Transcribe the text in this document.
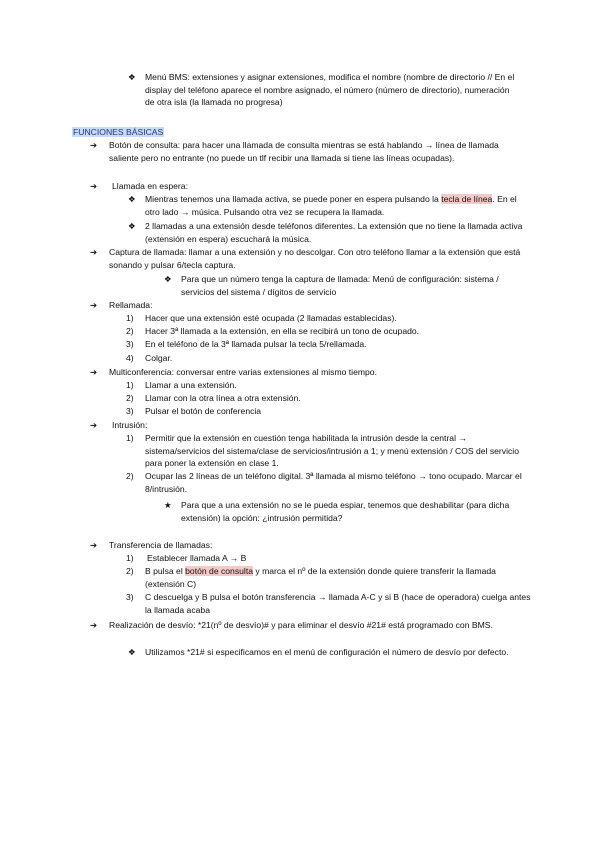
❖ Menú BMS: extensiones y asignar extensiones, modifica el nombre (nombre de directorio // En el display del teléfono aparece el nombre asignado, el número (número de directorio), numeración de otra isla (la llamada no progresa)
FUNCIONES BÁSICAS
➔ Botón de consulta: para hacer una llamada de consulta mientras se está hablando → línea de llamada saliente pero no entrante (no puede un tlf recibir una llamada si tiene las líneas ocupadas).
➔ Llamada en espera:
❖ Mientras tenemos una llamada activa, se puede poner en espera pulsando la tecla de línea. En el otro lado → música. Pulsando otra vez se recupera la llamada.
❖ 2 llamadas a una extensión desde teléfonos diferentes. La extensión que no tiene la llamada activa (extensión en espera) escuchará la música.
➔ Captura de llamada: llamar a una extensión y no descolgar. Con otro teléfono llamar a la extensión que está sonando y pulsar 6/tecla captura.
❖ Para que un número tenga la captura de llamada: Menú de configuración: sistema / servicios del sistema / dígitos de servicio
➔ Rellamada:
1) Hacer que una extensión esté ocupada (2 llamadas establecidas).
2) Hacer 3ª llamada a la extensión, en ella se recibirá un tono de ocupado.
3) En el teléfono de la 3ª llamada pulsar la tecla 5/rellamada.
4) Colgar.
➔ Multiconferencia: conversar entre varias extensiones al mismo tiempo.
1) Llamar a una extensión.
2) Llamar con la otra línea a otra extensión.
3) Pulsar el botón de conferencia
➔ Intrusión:
1) Permitir que la extensión en cuestión tenga habilitada la intrusión desde la central → sistema/servicios del sistema/clase de servicios/intrusión a 1; y menú extensión / COS del servicio para poner la extensión en clase 1.
2) Ocupar las 2 líneas de un teléfono digital. 3ª llamada al mismo teléfono → tono ocupado. Marcar el 8/intrusión.
★ Para que a una extensión no se le pueda espiar, tenemos que deshabilitar (para dicha extensión) la opción: ¿intrusión permitida?
➔ Transferencia de llamadas:
1) Establecer llamada A → B
2) B pulsa el botón de consulta y marca el nº de la extensión donde quiere transferir la llamada (extensión C)
3) C descuelga y B pulsa el botón transferencia → llamada A-C y si B (hace de operadora) cuelga antes la llamada acaba
➔ Realización de desvío: *21(nº de desvío)# y para eliminar el desvío #21# está programado con BMS.
❖ Utilizamos *21# si especificamos en el menú de configuración el número de desvío por defecto.
